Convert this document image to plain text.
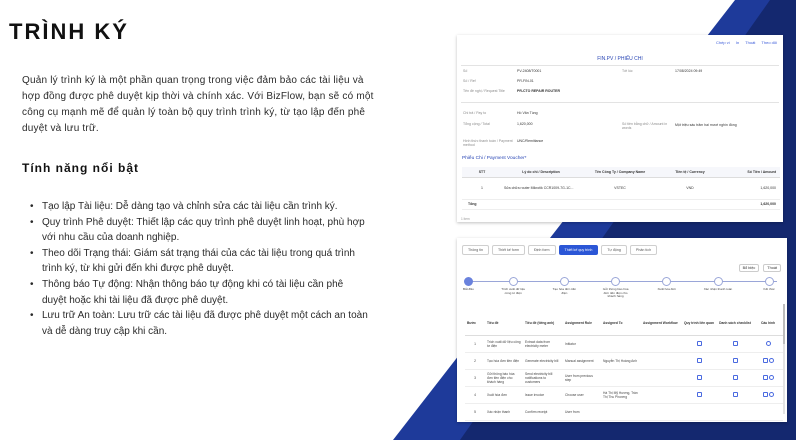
TRÌNH KÝ

Quản lý trình ký là một phần quan trọng trong việc đảm bảo các tài liệu và hợp đồng được phê duyệt kịp thời và chính xác. Với BizFlow, bạn sẽ có một công cụ mạnh mẽ để quản lý toàn bộ quy trình trình ký, từ tạo lập đến phê duyệt và lưu trữ.

Tính năng nổi bật
• Tạo lập Tài liệu: Dễ dàng tạo và chỉnh sửa các tài liệu cần trình ký.
• Quy trình Phê duyệt: Thiết lập các quy trình phê duyệt linh hoạt, phù hợp với nhu cầu của doanh nghiệp.
• Theo dõi Trạng thái: Giám sát trạng thái của các tài liệu trong quá trình trình ký, từ khi gửi đến khi được phê duyệt.
• Thông báo Tự động: Nhận thông báo tự động khi có tài liệu cần phê duyệt hoặc khi tài liệu đã được phê duyệt.
• Lưu trữ An toàn: Lưu trữ các tài liệu đã được phê duyệt một cách an toàn và dễ dàng truy cập khi cần.
Chép ví In Thoát Theo dõi
FIN.PV / PHIẾU CHI
Số	PV-2408/T0001	Tới lúc	17/08/2024 09:49
Số / Ref	PR-FIN-01
Tên đề nghị / Request Title	PR-CTO REPAIR ROUTER
Chi trả / Pay to	Hồ Văn Tùng
Tổng cộng / Total	1,620,000	Số tiền bằng chữ / Amount in words
Một triệu sáu trăm hai mươi nghìn đồng
Hình thức thanh toán / Payment method
UNC/Remittance
Phiếu Chi / Payment Voucher*
STT	Lý do chi / Description	Tên Công Ty / Company Name	Tiền tệ / Currency	Số Tiền / Amount
1	Sửa chữa router Mikrotik CCR1009-7G-1C...	VSTEC	VND	1,620,000
Tổng				1,620,000
1 item
Thông tin	Thiết kế form	Định form	Thiết kế quy trình	Tự động	Phân tích
Bổ biệc	Thoát
Bắt đầu	Trích xuất dữ liệu công tơ điện
Tạo hóa đơn tiền điện
Gửi thông báo hóa đơn tiền điện cho khách hàng
Xuất hóa đơn	Xác nhận thanh toán	Kết thúc
Bước	Tiêu đề	Tiêu đề (tiếng anh)	Assignment Rule	Assigned To	Assignment Workflow	Quy trình liên quan	Danh sách checklist	Cấu hình
1	Trích xuất dữ liệu công tơ điện	Extract data from electricity meter	Initiator					
2	Tạo hóa đơn tiền điện	Generate electricity bill	Manual assignment	Nguyễn Thị Hoàng Anh				
3	Gửi thông báo hóa đơn tiền điện cho khách hàng	Send electricity bill notifications to customers	User from previous step					
4	Xuất hóa đơn	Issue invoice	Choose user	Hà Thị Mỹ Hương, Trần Thị Thu Phương				
5	Xác nhận thanh	Confirm receipt	User from					
